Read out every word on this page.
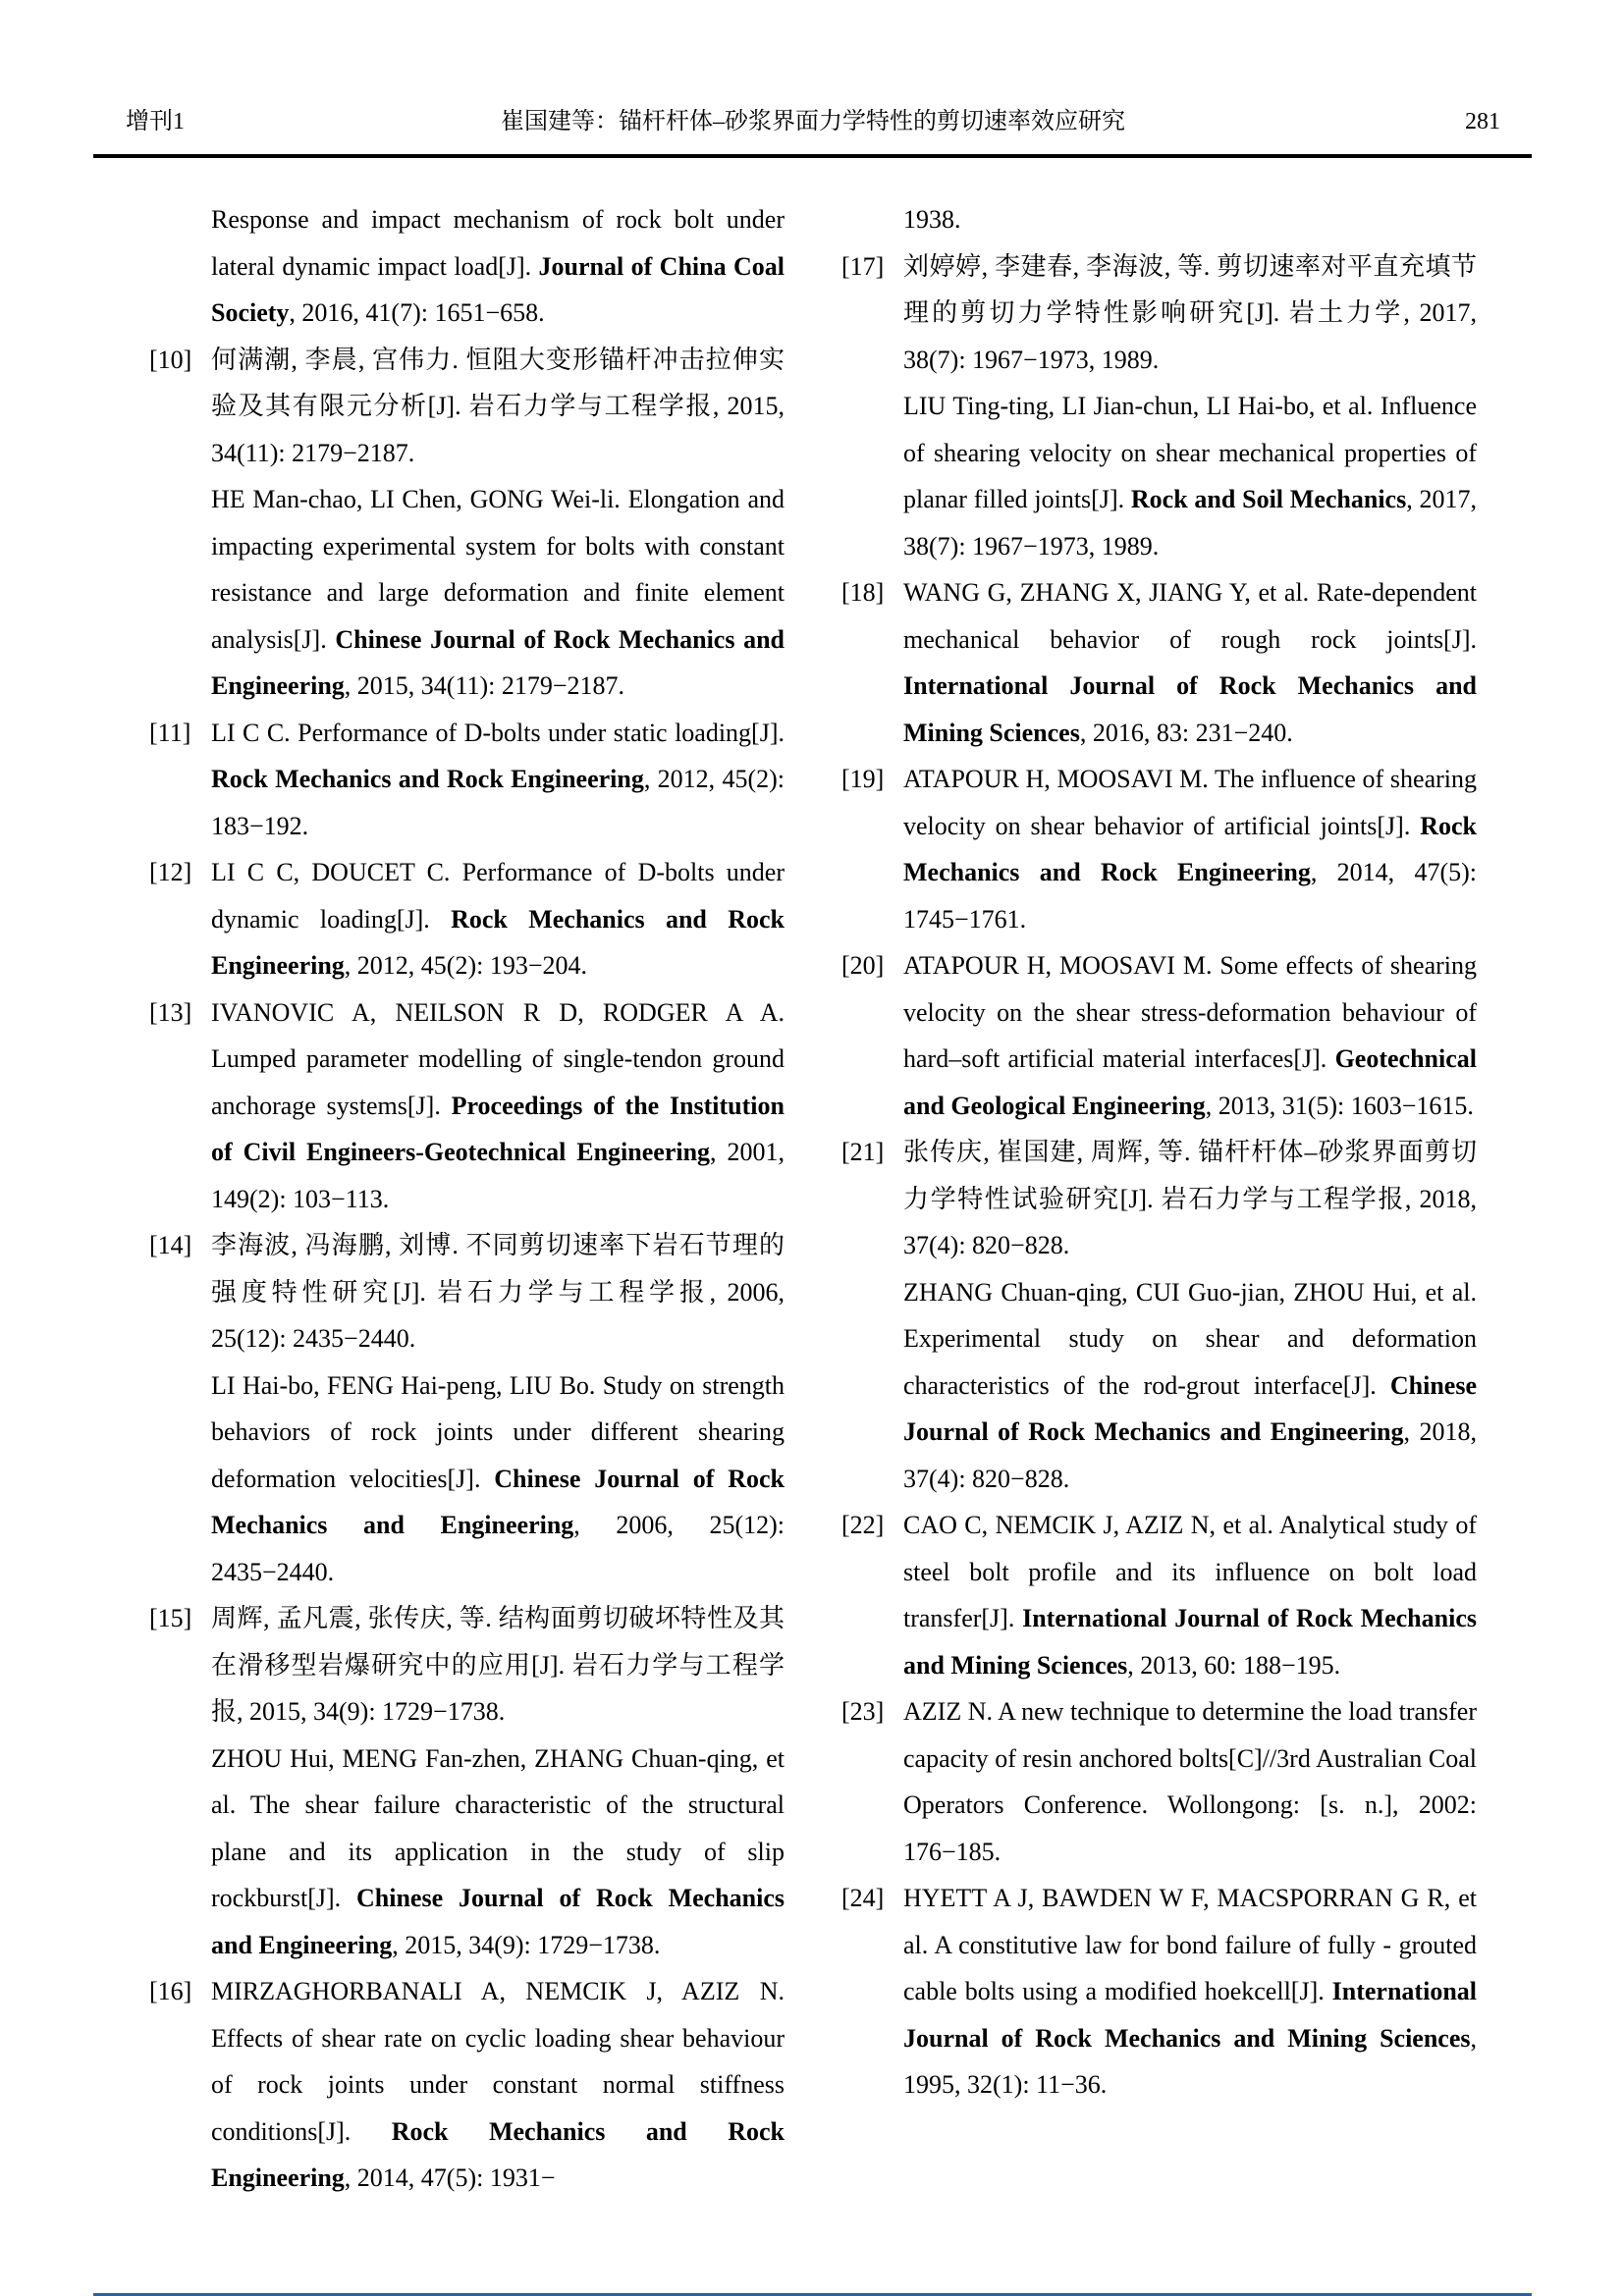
增刊1	崔国建等：锚杆杆体–砂浆界面力学特性的剪切速率效应研究	281
Response and impact mechanism of rock bolt under lateral dynamic impact load[J]. Journal of China Coal Society, 2016, 41(7): 1651−658.
[10] 何满潮, 李晨, 宫伟力. 恒阻大变形锚杆冲击拉伸实验及其有限元分析[J]. 岩石力学与工程学报, 2015, 34(11): 2179−2187.
HE Man-chao, LI Chen, GONG Wei-li. Elongation and impacting experimental system for bolts with constant resistance and large deformation and finite element analysis[J]. Chinese Journal of Rock Mechanics and Engineering, 2015, 34(11): 2179−2187.
[11] LI C C. Performance of D-bolts under static loading[J]. Rock Mechanics and Rock Engineering, 2012, 45(2): 183−192.
[12] LI C C, DOUCET C. Performance of D-bolts under dynamic loading[J]. Rock Mechanics and Rock Engineering, 2012, 45(2): 193−204.
[13] IVANOVIC A, NEILSON R D, RODGER A A. Lumped parameter modelling of single-tendon ground anchorage systems[J]. Proceedings of the Institution of Civil Engineers-Geotechnical Engineering, 2001, 149(2): 103−113.
[14] 李海波, 冯海鹏, 刘博. 不同剪切速率下岩石节理的强度特性研究[J]. 岩石力学与工程学报, 2006, 25(12): 2435−2440.
LI Hai-bo, FENG Hai-peng, LIU Bo. Study on strength behaviors of rock joints under different shearing deformation velocities[J]. Chinese Journal of Rock Mechanics and Engineering, 2006, 25(12): 2435−2440.
[15] 周辉, 孟凡震, 张传庆, 等. 结构面剪切破坏特性及其在滑移型岩爆研究中的应用[J]. 岩石力学与工程学报, 2015, 34(9): 1729−1738.
ZHOU Hui, MENG Fan-zhen, ZHANG Chuan-qing, et al. The shear failure characteristic of the structural plane and its application in the study of slip rockburst[J]. Chinese Journal of Rock Mechanics and Engineering, 2015, 34(9): 1729−1738.
[16] MIRZAGHORBANALI A, NEMCIK J, AZIZ N. Effects of shear rate on cyclic loading shear behaviour of rock joints under constant normal stiffness conditions[J]. Rock Mechanics and Rock Engineering, 2014, 47(5): 1931−
1938.
[17] 刘婷婷, 李建春, 李海波, 等. 剪切速率对平直充填节理的剪切力学特性影响研究[J]. 岩土力学, 2017, 38(7): 1967−1973, 1989.
LIU Ting-ting, LI Jian-chun, LI Hai-bo, et al. Influence of shearing velocity on shear mechanical properties of planar filled joints[J]. Rock and Soil Mechanics, 2017, 38(7): 1967−1973, 1989.
[18] WANG G, ZHANG X, JIANG Y, et al. Rate-dependent mechanical behavior of rough rock joints[J]. International Journal of Rock Mechanics and Mining Sciences, 2016, 83: 231−240.
[19] ATAPOUR H, MOOSAVI M. The influence of shearing velocity on shear behavior of artificial joints[J]. Rock Mechanics and Rock Engineering, 2014, 47(5): 1745−1761.
[20] ATAPOUR H, MOOSAVI M. Some effects of shearing velocity on the shear stress-deformation behaviour of hard–soft artificial material interfaces[J]. Geotechnical and Geological Engineering, 2013, 31(5): 1603−1615.
[21] 张传庆, 崔国建, 周辉, 等. 锚杆杆体–砂浆界面剪切力学特性试验研究[J]. 岩石力学与工程学报, 2018, 37(4): 820−828.
ZHANG Chuan-qing, CUI Guo-jian, ZHOU Hui, et al. Experimental study on shear and deformation characteristics of the rod-grout interface[J]. Chinese Journal of Rock Mechanics and Engineering, 2018, 37(4): 820−828.
[22] CAO C, NEMCIK J, AZIZ N, et al. Analytical study of steel bolt profile and its influence on bolt load transfer[J]. International Journal of Rock Mechanics and Mining Sciences, 2013, 60: 188−195.
[23] AZIZ N. A new technique to determine the load transfer capacity of resin anchored bolts[C]//3rd Australian Coal Operators Conference. Wollongong: [s. n.], 2002: 176−185.
[24] HYETT A J, BAWDEN W F, MACSPORRAN G R, et al. A constitutive law for bond failure of fully - grouted cable bolts using a modified hoekcell[J]. International Journal of Rock Mechanics and Mining Sciences, 1995, 32(1): 11−36.
